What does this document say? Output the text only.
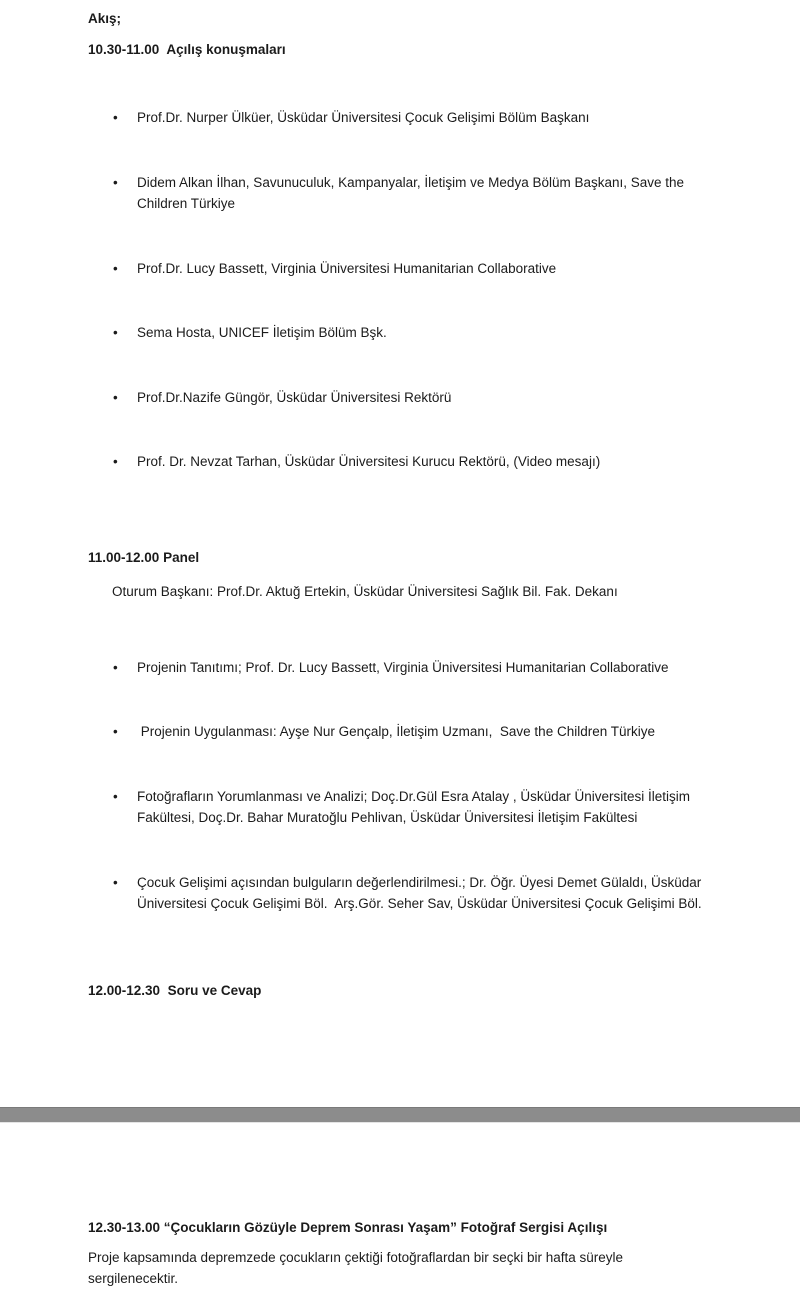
Akış;

10.30-11.00  Açılış konuşmaları

• Prof.Dr. Nurper Ülküer, Üsküdar Üniversitesi Çocuk Gelişimi Bölüm Başkanı

• Didem Alkan İlhan, Savunuculuk, Kampanyalar, İletişim ve Medya Bölüm Başkanı, Save the Children Türkiye

• Prof.Dr. Lucy Bassett, Virginia Üniversitesi Humanitarian Collaborative

• Sema Hosta, UNICEF İletişim Bölüm Bşk.

• Prof.Dr.Nazife Güngör, Üsküdar Üniversitesi Rektörü

• Prof. Dr. Nevzat Tarhan, Üsküdar Üniversitesi Kurucu Rektörü, (Video mesajı)

11.00-12.00 Panel

Oturum Başkanı: Prof.Dr. Aktuğ Ertekin, Üsküdar Üniversitesi Sağlık Bil. Fak. Dekanı

• Projenin Tanıtımı; Prof. Dr. Lucy Bassett, Virginia Üniversitesi Humanitarian Collaborative

•  Projenin Uygulanması: Ayşe Nur Gençalp, İletişim Uzmanı,  Save the Children Türkiye

• Fotoğrafların Yorumlanması ve Analizi; Doç.Dr.Gül Esra Atalay , Üsküdar Üniversitesi İletişim Fakültesi, Doç.Dr. Bahar Muratoğlu Pehlivan, Üsküdar Üniversitesi İletişim Fakültesi

• Çocuk Gelişimi açısından bulguların değerlendirilmesi.; Dr. Öğr. Üyesi Demet Gülaldı, Üsküdar Üniversitesi Çocuk Gelişimi Böl.  Arş.Gör. Seher Sav, Üsküdar Üniversitesi Çocuk Gelişimi Böl.

12.00-12.30  Soru ve Cevap
12.30-13.00 “Çocukların Gözüyle Deprem Sonrası Yaşam” Fotoğraf Sergisi Açılışı

Proje kapsamında depremzede çocukların çektiği fotoğraflardan bir seçki bir hafta süreyle sergilenecektir.
